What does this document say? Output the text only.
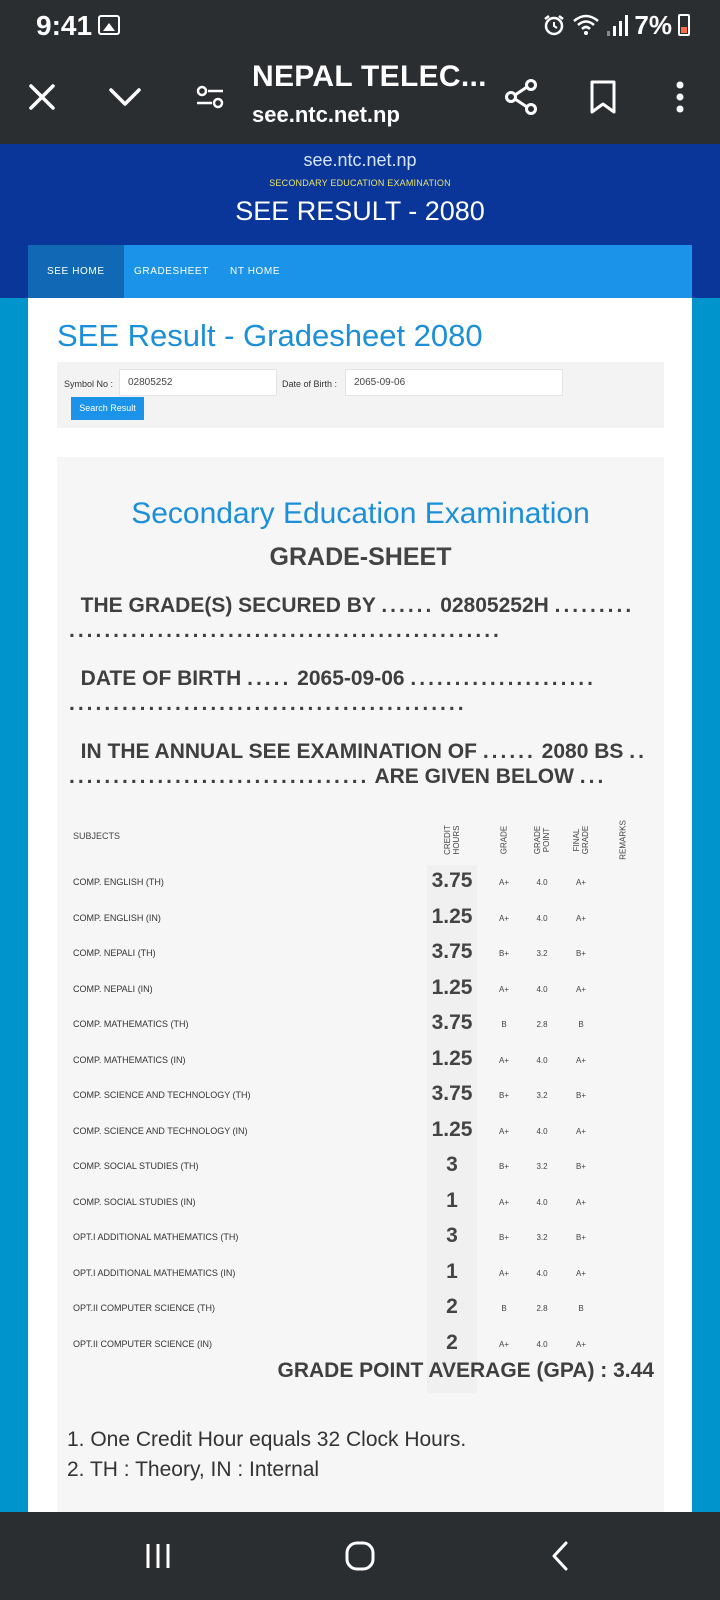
9:41	7%
NEPAL TELEC...
see.ntc.net.np
see.ntc.net.np
SECONDARY EDUCATION EXAMINATION
SEE RESULT - 2080
SEE HOME	GRADESHEET	NT HOME
SEE Result - Gradesheet 2080
Symbol No :	02805252	Date of Birth :	2065-09-06
Search Result
Secondary Education Examination
GRADE-SHEET
THE GRADE(S) SECURED BY ...... 02805252H .........
.................................................
DATE OF BIRTH ..... 2065-09-06 .....................
.............................................
IN THE ANNUAL SEE EXAMINATION OF ...... 2080 BS ..
.................................. ARE GIVEN BELOW ...
SUBJECTS	CREDIT HOURS	GRADE	GRADE POINT	FINAL GRADE	REMARKS
COMP. ENGLISH (TH)	3.75	A+	4.0	A+
COMP. ENGLISH (IN)	1.25	A+	4.0	A+
COMP. NEPALI (TH)	3.75	B+	3.2	B+
COMP. NEPALI (IN)	1.25	A+	4.0	A+
COMP. MATHEMATICS (TH)	3.75	B	2.8	B
COMP. MATHEMATICS (IN)	1.25	A+	4.0	A+
COMP. SCIENCE AND TECHNOLOGY (TH)	3.75	B+	3.2	B+
COMP. SCIENCE AND TECHNOLOGY (IN)	1.25	A+	4.0	A+
COMP. SOCIAL STUDIES (TH)	3	B+	3.2	B+
COMP. SOCIAL STUDIES (IN)	1	A+	4.0	A+
OPT.I ADDITIONAL MATHEMATICS (TH)	3	B+	3.2	B+
OPT.I ADDITIONAL MATHEMATICS (IN)	1	A+	4.0	A+
OPT.II COMPUTER SCIENCE (TH)	2	B	2.8	B
OPT.II COMPUTER SCIENCE (IN)	2	A+	4.0	A+
GRADE POINT AVERAGE (GPA) : 3.44
1. One Credit Hour equals 32 Clock Hours.
2. TH : Theory, IN : Internal
